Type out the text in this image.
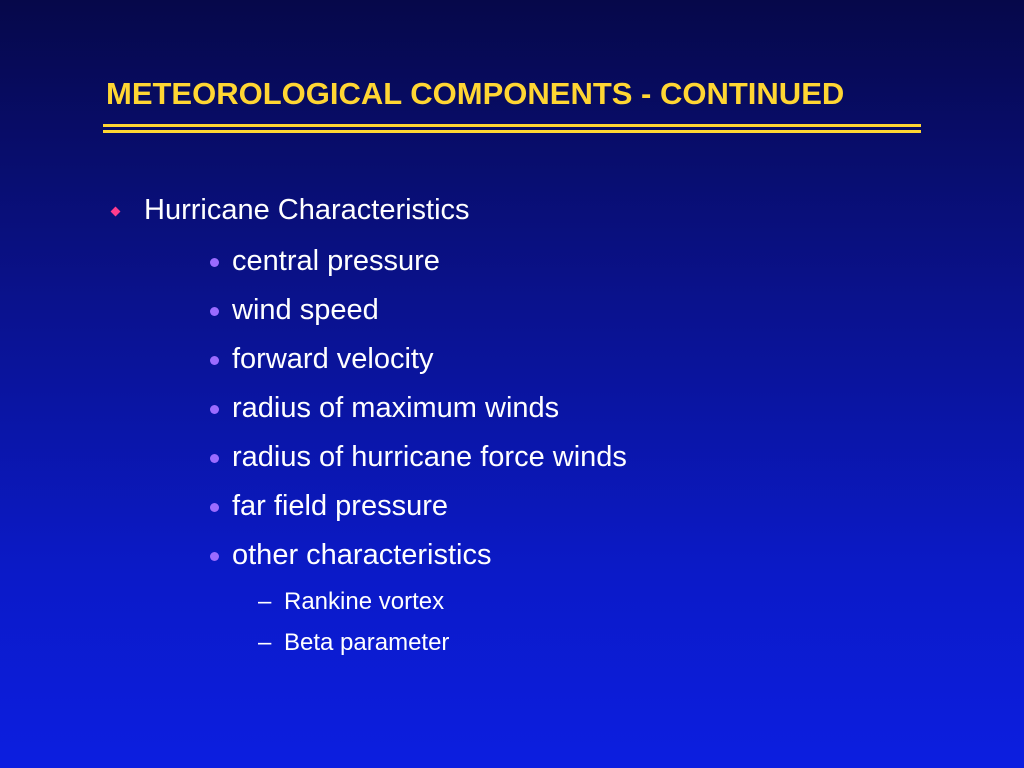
METEOROLOGICAL COMPONENTS - CONTINUED
Hurricane Characteristics
central pressure
wind speed
forward velocity
radius of maximum winds
radius of hurricane force winds
far field pressure
other characteristics
– Rankine vortex
– Beta parameter
